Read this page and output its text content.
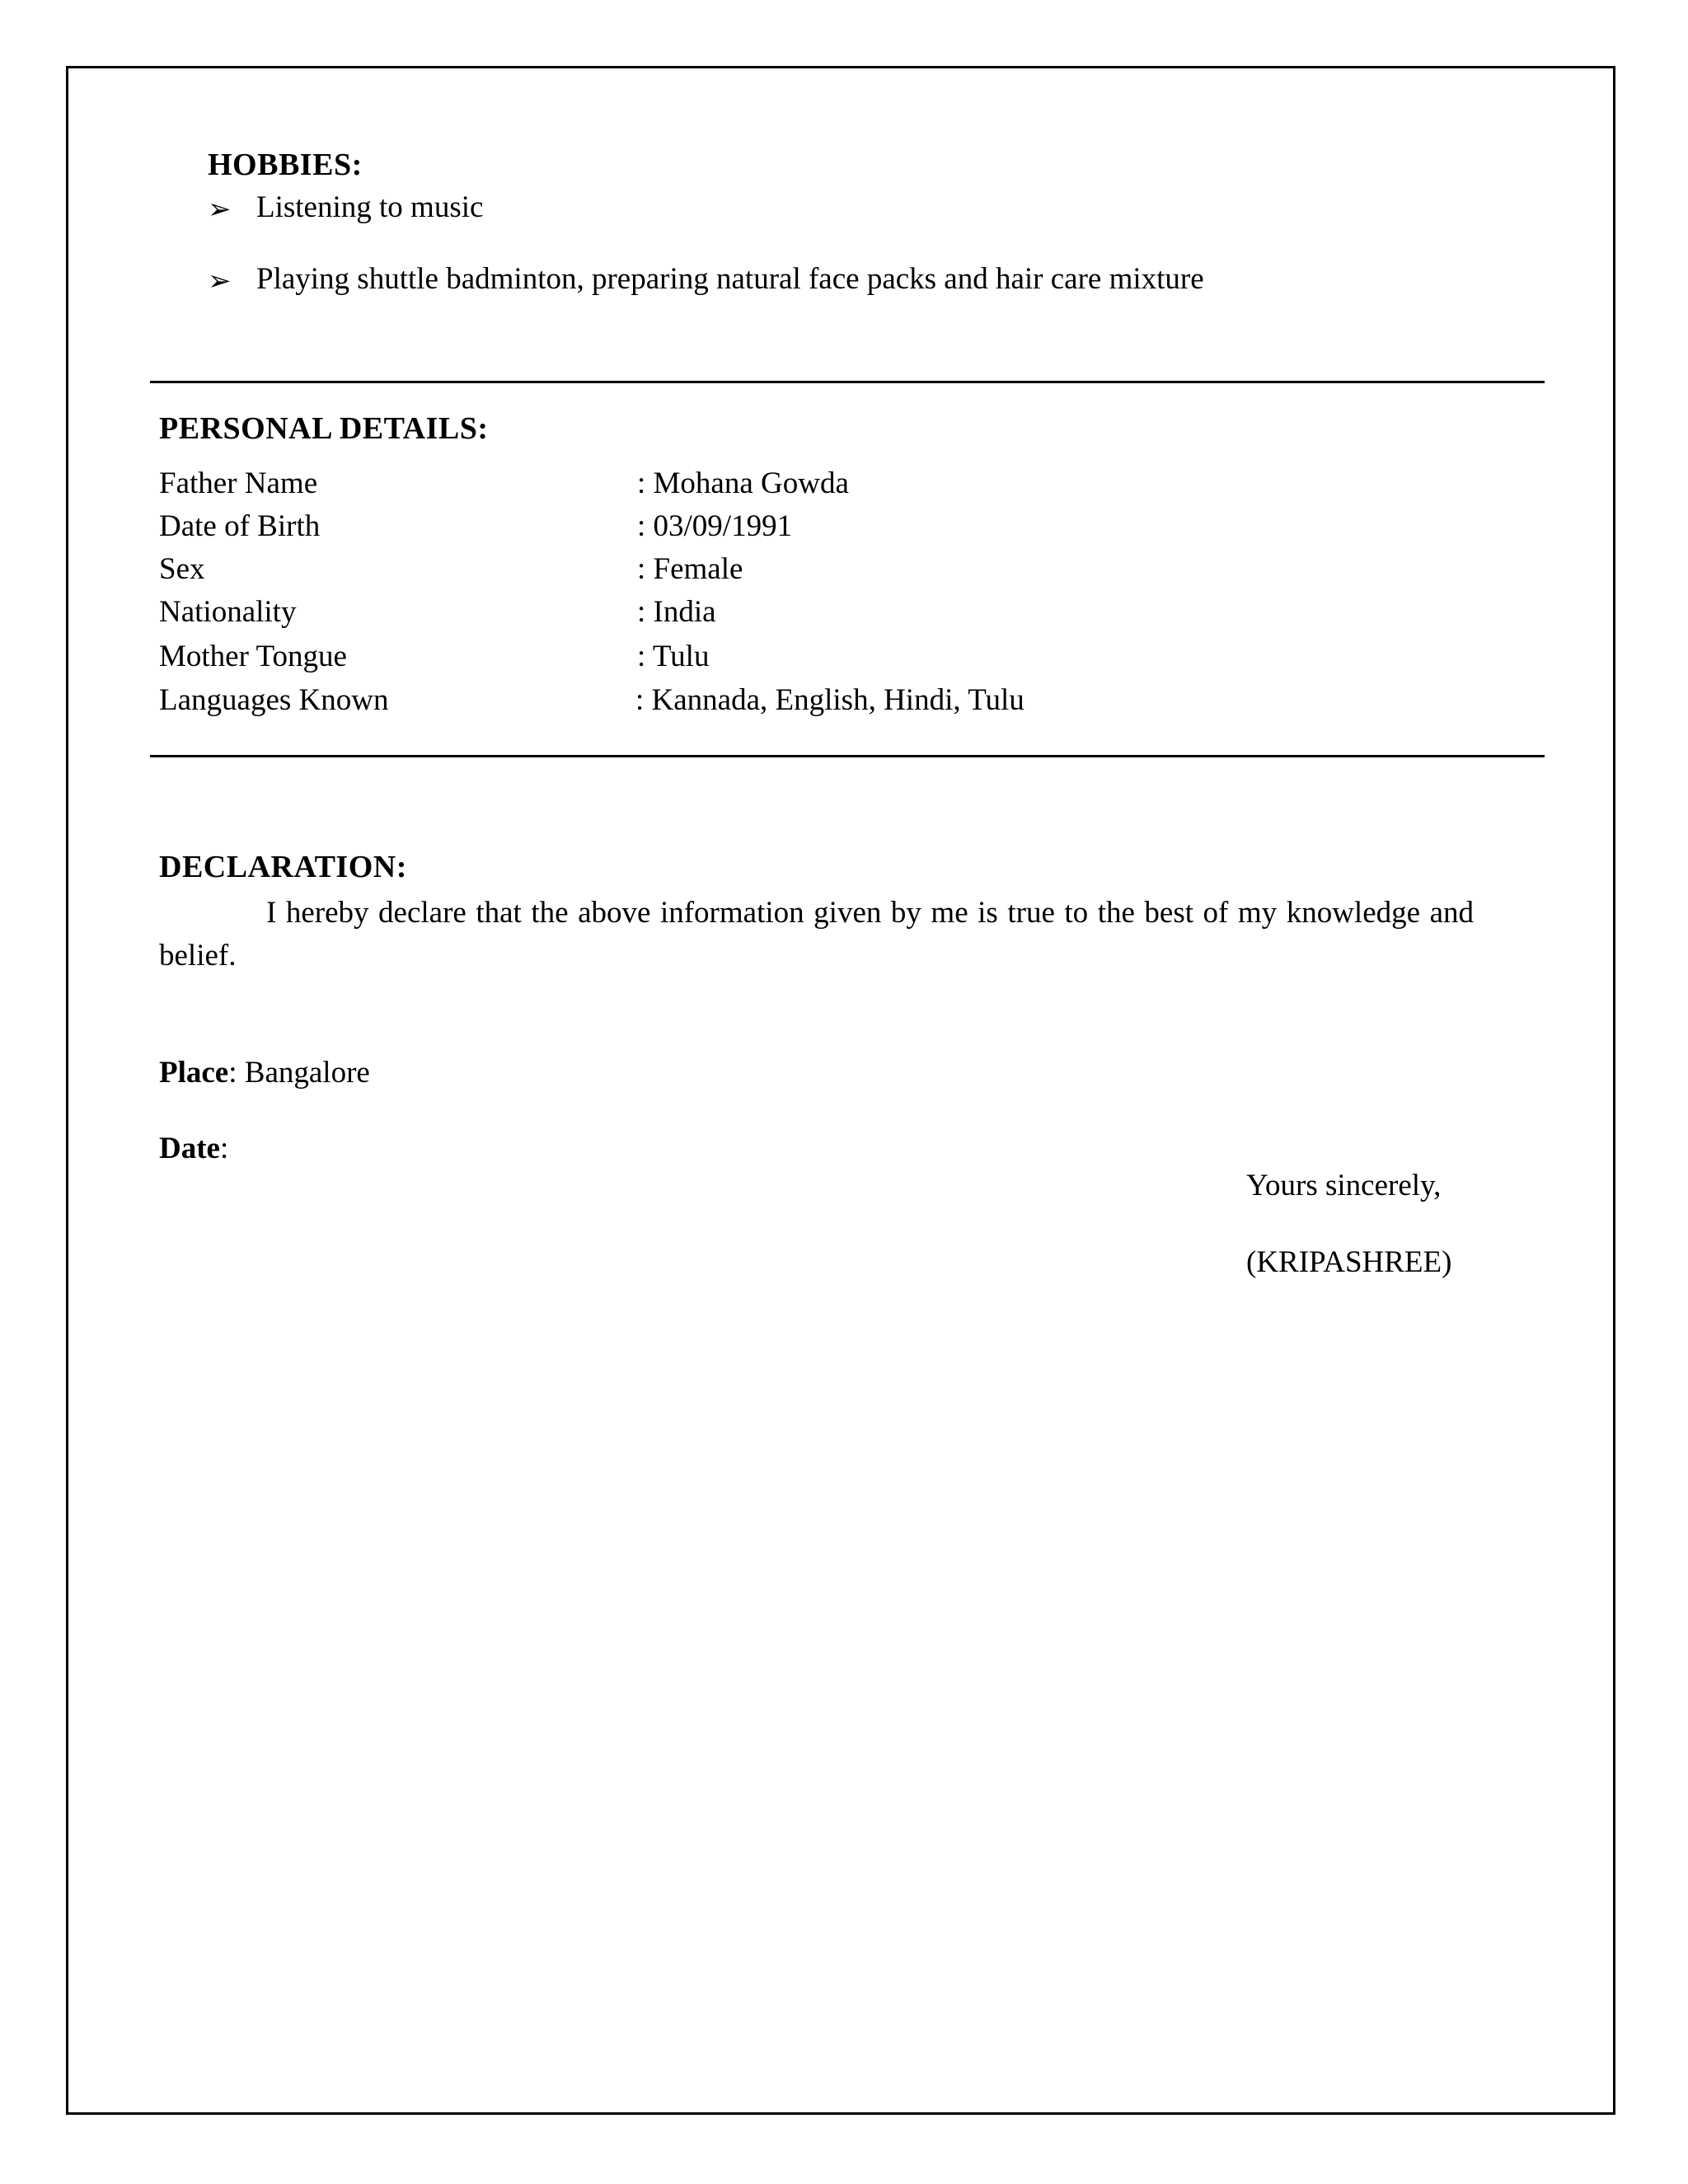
HOBBIES:
➢ Listening to music
➢ Playing shuttle badminton, preparing natural face packs and hair care mixture
PERSONAL DETAILS:
Father Name	: Mohana Gowda
Date of Birth	: 03/09/1991
Sex	: Female
Nationality	: India
Mother Tongue	: Tulu
Languages Known	: Kannada, English, Hindi, Tulu
DECLARATION:
I hereby declare that the above information given by me is true to the best of my knowledge and belief.
Place: Bangalore
Date:
Yours sincerely,
(KRIPASHREE)
